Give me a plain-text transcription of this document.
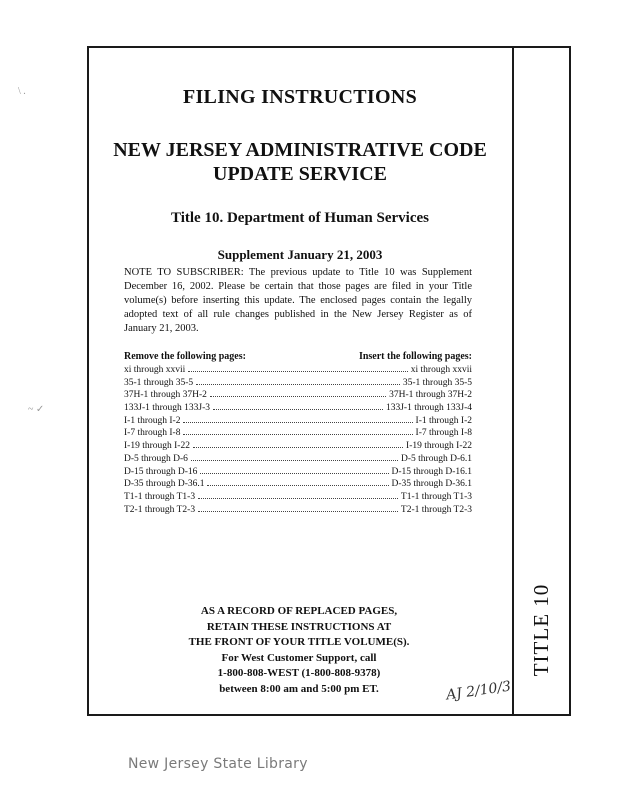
TITLE 10
\ .
~ ✓
FILING INSTRUCTIONS
NEW JERSEY ADMINISTRATIVE CODE
UPDATE SERVICE
Title 10. Department of Human Services
Supplement January 21, 2003
NOTE TO SUBSCRIBER: The previous update to Title 10 was Supplement December 16, 2002. Please be certain that those pages are filed in your Title volume(s) before inserting this update. The enclosed pages contain the legally adopted text of all rule changes published in the New Jersey Register as of January 21, 2003.
Remove the following pages:	Insert the following pages:
xi through xxvii	xi through xxvii
35-1 through 35-5	35-1 through 35-5
37H-1 through 37H-2	37H-1 through 37H-2
133J-1 through 133J-3	133J-1 through 133J-4
I-1 through I-2	I-1 through I-2
I-7 through I-8	I-7 through I-8
I-19 through I-22	I-19 through I-22
D-5 through D-6	D-5 through D-6.1
D-15 through D-16	D-15 through D-16.1
D-35 through D-36.1	D-35 through D-36.1
T1-1 through T1-3	T1-1 through T1-3
T2-1 through T2-3	T2-1 through T2-3
AS A RECORD OF REPLACED PAGES,
RETAIN THESE INSTRUCTIONS AT
THE FRONT OF YOUR TITLE VOLUME(S).
For West Customer Support, call
1-800-808-WEST (1-800-808-9378)
between 8:00 am and 5:00 pm ET.	AJ 2/10/3
New Jersey State Library
